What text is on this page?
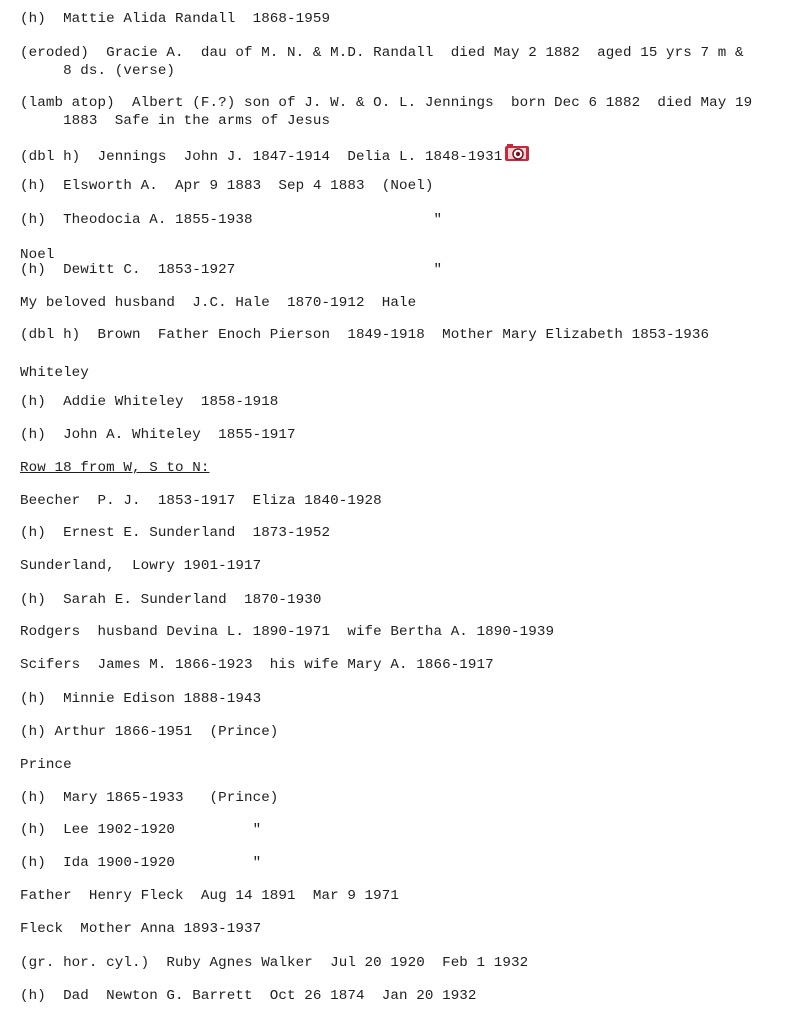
(h)  Mattie Alida Randall  1868-1959
(eroded)  Gracie A.  dau of M. N. & M.D. Randall  died May 2 1882  aged 15 yrs 7 m &
8 ds. (verse)
(lamb atop)  Albert (F.?) son of J. W. & O. L. Jennings  born Dec 6 1882  died May 19
1883  Safe in the arms of Jesus
(dbl h)  Jennings  John J. 1847-1914  Delia L. 1848-1931
(h)  Elsworth A.  Apr 9 1883  Sep 4 1883  (Noel)
(h)  Theodocia A. 1855-1938                     "
Noel
(h)  Dewitt C.  1853-1927                       "
My beloved husband  J.C. Hale  1870-1912  Hale
(dbl h)  Brown  Father Enoch Pierson  1849-1918  Mother Mary Elizabeth 1853-1936
Whiteley
(h)  Addie Whiteley  1858-1918
(h)  John A. Whiteley  1855-1917
Row 18 from W, S to N:
Beecher  P. J.  1853-1917  Eliza 1840-1928
(h)  Ernest E. Sunderland  1873-1952
Sunderland,  Lowry 1901-1917
(h)  Sarah E. Sunderland  1870-1930
Rodgers  husband Devina L. 1890-1971  wife Bertha A. 1890-1939
Scifers  James M. 1866-1923  his wife Mary A. 1866-1917
(h)  Minnie Edison 1888-1943
(h) Arthur 1866-1951  (Prince)
Prince
(h)  Mary 1865-1933   (Prince)
(h)  Lee 1902-1920         "
(h)  Ida 1900-1920         "
Father  Henry Fleck  Aug 14 1891  Mar 9 1971
Fleck  Mother Anna 1893-1937
(gr. hor. cyl.)  Ruby Agnes Walker  Jul 20 1920  Feb 1 1932
(h)  Dad  Newton G. Barrett  Oct 26 1874  Jan 20 1932
